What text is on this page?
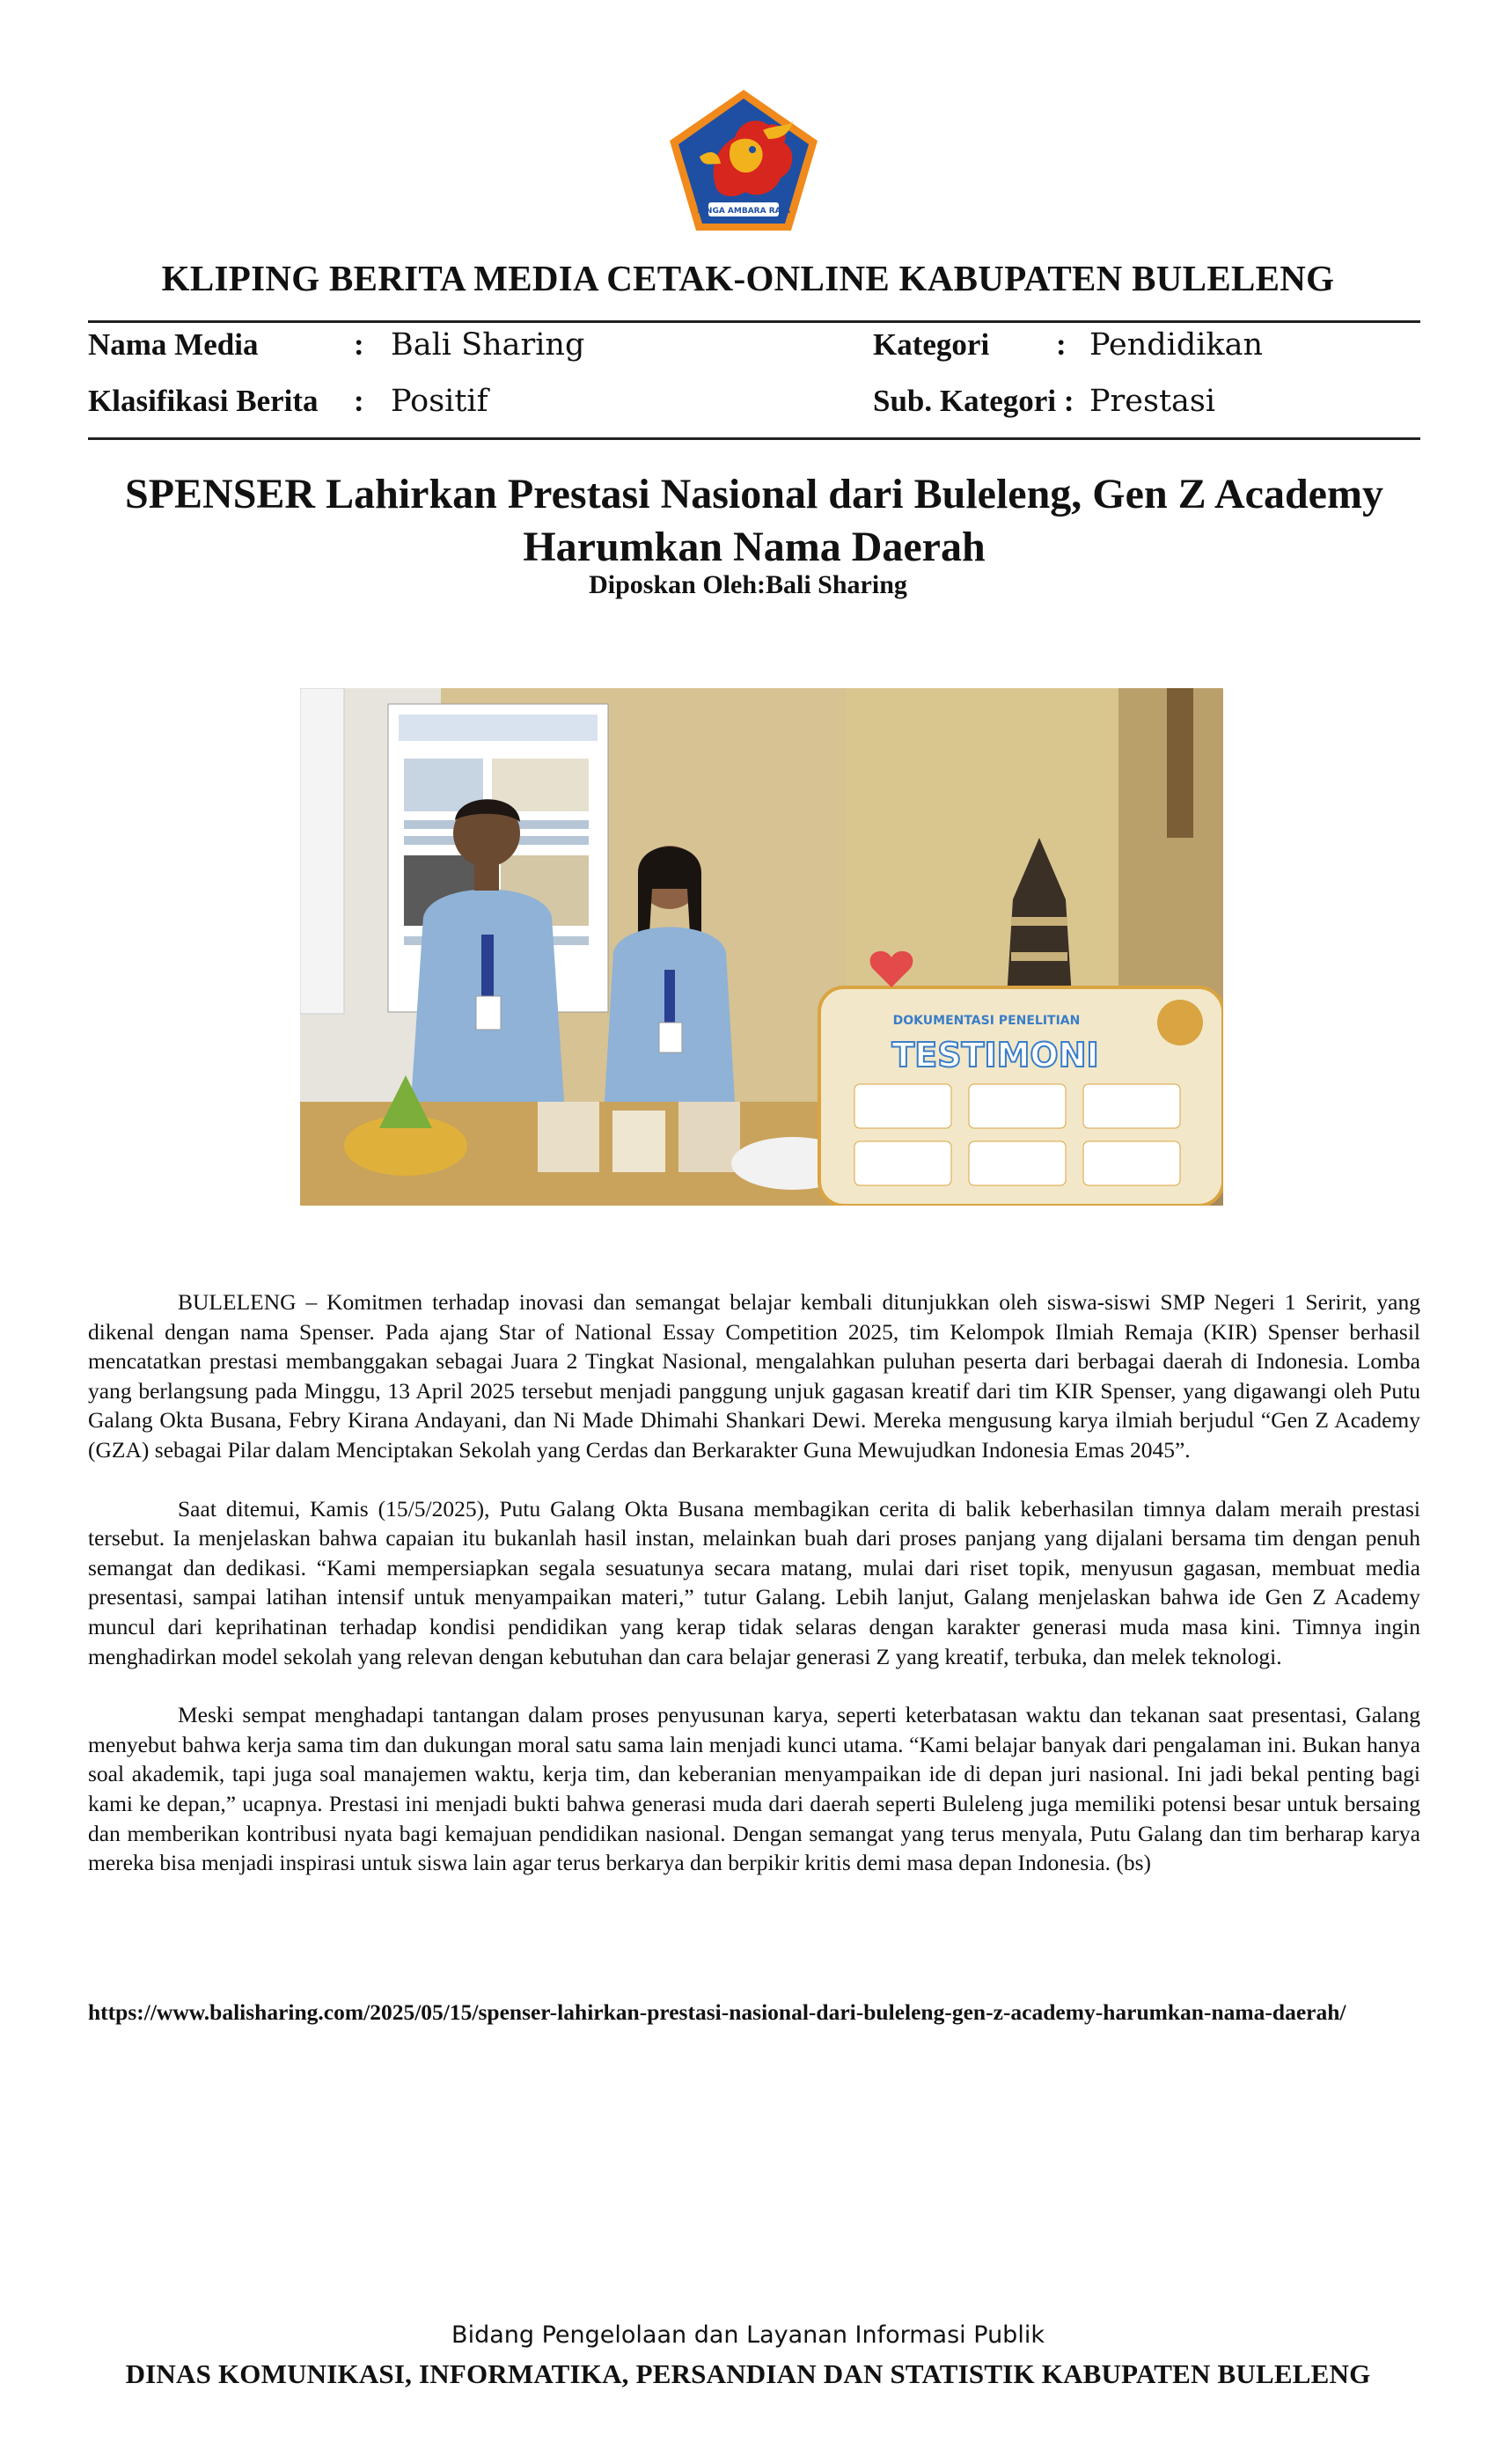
SINGA AMBARA RAJA
KLIPING BERITA MEDIA CETAK-ONLINE KABUPATEN BULELENG
Nama Media	: Bali Sharing	Kategori : Pendidikan
Klasifikasi Berita : Positif	Sub. Kategori : Prestasi
SPENSER Lahirkan Prestasi Nasional dari Buleleng, Gen Z Academy
Harumkan Nama Daerah
Diposkan Oleh:Bali Sharing
DOKUMENTASI PENELITIAN
TESTIMONI

BULELENG – Komitmen terhadap inovasi dan semangat belajar kembali ditunjukkan oleh siswa-siswi SMP Negeri 1 Seririt, yang dikenal dengan nama Spenser. Pada ajang Star of National Essay Competition 2025, tim Kelompok Ilmiah Remaja (KIR) Spenser berhasil mencatatkan prestasi membanggakan sebagai Juara 2 Tingkat Nasional, mengalahkan puluhan peserta dari berbagai daerah di Indonesia. Lomba yang berlangsung pada Minggu, 13 April 2025 tersebut menjadi panggung unjuk gagasan kreatif dari tim KIR Spenser, yang digawangi oleh Putu Galang Okta Busana, Febry Kirana Andayani, dan Ni Made Dhimahi Shankari Dewi. Mereka mengusung karya ilmiah berjudul “Gen Z Academy (GZA) sebagai Pilar dalam Menciptakan Sekolah yang Cerdas dan Berkarakter Guna Mewujudkan Indonesia Emas 2045”.

Saat ditemui, Kamis (15/5/2025), Putu Galang Okta Busana membagikan cerita di balik keberhasilan timnya dalam meraih prestasi tersebut. Ia menjelaskan bahwa capaian itu bukanlah hasil instan, melainkan buah dari proses panjang yang dijalani bersama tim dengan penuh semangat dan dedikasi. “Kami mempersiapkan segala sesuatunya secara matang, mulai dari riset topik, menyusun gagasan, membuat media presentasi, sampai latihan intensif untuk menyampaikan materi,” tutur Galang. Lebih lanjut, Galang menjelaskan bahwa ide Gen Z Academy muncul dari keprihatinan terhadap kondisi pendidikan yang kerap tidak selaras dengan karakter generasi muda masa kini. Timnya ingin menghadirkan model sekolah yang relevan dengan kebutuhan dan cara belajar generasi Z yang kreatif, terbuka, dan melek teknologi.

Meski sempat menghadapi tantangan dalam proses penyusunan karya, seperti keterbatasan waktu dan tekanan saat presentasi, Galang menyebut bahwa kerja sama tim dan dukungan moral satu sama lain menjadi kunci utama. “Kami belajar banyak dari pengalaman ini. Bukan hanya soal akademik, tapi juga soal manajemen waktu, kerja tim, dan keberanian menyampaikan ide di depan juri nasional. Ini jadi bekal penting bagi kami ke depan,” ucapnya. Prestasi ini menjadi bukti bahwa generasi muda dari daerah seperti Buleleng juga memiliki potensi besar untuk bersaing dan memberikan kontribusi nyata bagi kemajuan pendidikan nasional. Dengan semangat yang terus menyala, Putu Galang dan tim berharap karya mereka bisa menjadi inspirasi untuk siswa lain agar terus berkarya dan berpikir kritis demi masa depan Indonesia. (bs)

https://www.balisharing.com/2025/05/15/spenser-lahirkan-prestasi-nasional-dari-buleleng-gen-z-academy-harumkan-nama-daerah/
Bidang Pengelolaan dan Layanan Informasi Publik
DINAS KOMUNIKASI, INFORMATIKA, PERSANDIAN DAN STATISTIK KABUPATEN BULELENG
